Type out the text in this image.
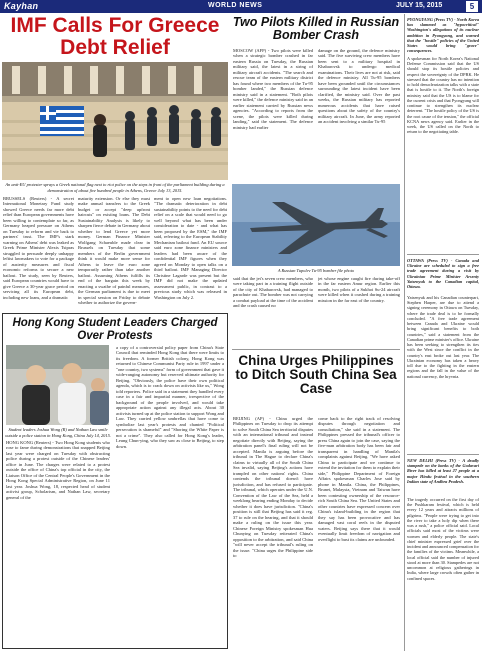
Kayhan	WORLD NEWS	JULY 15, 2015	5
IMF Calls For Greece Debt Relief
An anti-EU protester sprays a Greek national flag next to riot police on the steps in front of the parliament building during a demonstration of about five hundred people in Athens, Greece July 13, 2015.

BRUSSELS (Reuters) - A secret International Monetary Fund study showed Greece needs far more debt relief than European governments have been willing to contemplate so far, as Germany heaped pressure on Athens on Tuesday to reform and vie back to partners' trust. The IMF's stark warning on Athens' debt was leaked as Greek Prime Minister Alexis Tsipras struggled to persuade deeply unhappy leftist lawmakers to vote for a package of austerity measures and fiscal economic reforms to secure a new bailout. The study, seen by Reuters, said European countries would have to give Greece a 30-year grace period on servicing all its European debt, including new loans, and a dramatic

maturity extension. Or else they must make annual transfers to the Greek budget or accept "deep upfront haircuts" on existing loans. The Debt Sustainability Analysis is likely to sharpen fierce debate in Germany about whether to lend Greece yet more money. German Finance Minister Wolfgang Schaeuble made clear in Brussels on Tuesday that some members of the Berlin government think it would make more sense for Athens to leave the euro zone temporarily rather than take another bailout. Assuming Athens fulfills its end of the bargain this week by enacting a swathe of painful measures, the German parliament is due to meet in special session on Friday to debate whether to authorize the govern-

ment to open new loan negotiations. "The dramatic deterioration in debt sustainability points to the need for debt relief on a scale that would need to go well beyond what has been under consideration to date - and what has been proposed by the ESM," the IMF said, referring to the European Stability Mechanism bailout fund. An EU source said euro zone finance ministers and leaders had been aware of the confidential IMF figures when they agreed on Monday to open talks on a third bailout. IMF Managing Director Christine Lagarde was present but the IMF did not make the updated assessment public, in contrast to a previous study which was released in Washington on July 2.

Hong Kong Student Leaders Charged Over Protests
Student leaders Joshua Wong (R) and Nathan Law smile outside a police station in Hong Kong, China July 14, 2015.

HONG KONG (Reuters) - Two Hong Kong students who rose to fame during demonstrations that snapped Beijing last year were charged on Tuesday with obstructing police during a protest outside of the Chinese leaders' office in June. The charges were related to a protest outside the office of China's top official in the city, the Liaison Office of the Central People's Government in the Hong Kong Special Administrative Region, on June 11 last year. Joshua Wong, 18, respected head of student activist group, Scholarism, and Nathan Law, secretary general of the

a copy of a controversial policy paper from China's State Council that reminded Hong Kong that there were limits to its freedom. A former British colony, Hong Kong was returned to Chinese Communist Party rule in 1997 under a "one country, two systems" form of government that gave it wide-ranging autonomy but reserved ultimate authority for Beijing. "Obviously, the police have their own political agenda, which is to crack down on activists like us," Wong told reporters. Police said in a statement they handled every case in a fair and impartial manner, irrespective of the background of the people involved, and would take appropriate action against any illegal acts. About 30 activists turned up at the police station to support Wong and Law. They carried yellow umbrellas that have come to symbolize last year's protests and chanted "Political persecution is shameful" and "Shoring the White Paper is not a crime". They also called for Hong Kong's leader, Leung Chun-ying, who they saw as close to Beijing, to step down.

Two Pilots Killed in Russian Bomber Crash

MOSCOW (AFP) - Two pilots were killed when a strategic bomber crashed in far eastern Russia on Tuesday, the Russian military said, the latest in a string of military aircraft accidents. "The search and rescue team of the eastern military district has found where two members of the Tu-95 bomber landed," the Russian defence ministry said in a statement. "Both pilots were killed," the defence ministry said in an earlier statement carried by Russian news agencies. "According to reports from the scene, the pilots were killed during landing," said the statement. The defence ministry had earlier

damage on the ground, the defence ministry said. The five surviving crew members have been sent to a military hospital in Khabarovsk to undergo medical examinations. Their lives are not at risk, said the defence ministry. All Tu-95 bombers have been grounded until the circumstances surrounding the latest incident have been clarified, the ministry said. Over the past weeks, the Russian military has reported numerous accidents that have raised questions about the safety of the country's military aircraft. In June, the army reported an accident involving a similar Tu-95

A Russian Tupolev Tu-95 bomber file photo

said that the jet's seven crew members, who were taking part in a training flight outside of the city of Khabarovsk, had managed to parachute out. The bomber was not carrying a combat payload at the time of the accident and the crash caused no

jet whose engine caught fire during take-off in the far eastern Amur region. Earlier this month, two pilots of a Sukhoi Su-24 aircraft were killed when it crashed during a training mission in the far east of the country.

China Urges Philippines to Ditch South China Sea Case

BEIJING (AP) - China urged the Philippines on Tuesday to drop its attempt to solve South China Sea territorial disputes with an international tribunal and instead negotiate directly with Beijing, saying the arbitration panel's final ruling will not be accepted. Manila is arguing before the tribunal in The Hague to declare China's claims to virtually all of the South China Sea invalid, saying Beijing's actions have trampled on other nations' rights. China contends the tribunal doesn't have jurisdiction, and has refused to participate. The tribunal, which operates under the U.N. Convention of the Law of the Sea, held a weeklong hearing ending Monday to decide whether it does have jurisdiction. "China's position is still that Beijing has said it reg. 37 to rule on the hearing, and that it should make a ruling on the issue this year. Chinese Foreign Ministry spokesman Hua Chunying on Tuesday reiterated China's opposition to the arbitration, and said China "will never accept the tribunal's ruling on the issue. "China urges the Philippine side to

come back to the right track of resolving disputes through negotiation and consultation," she said in a statement. The Philippines pressed the tribunal's officer to press China again to join the case, saying the five-man arbitration body has been fair and transparent in handling of Manila's complaints against Beijing. "We have asked China to participate and we continue to extend the invitation for them to explain their side," Philippine Department of Foreign Affairs spokesman Charles Jose said by phone in Manila. China, the Philippines, Brunei, Malaysia, Vietnam and Taiwan have been contesting ownership of the resource-rich South China Sea. The United States and other countries have expressed concern over China's island-building in the region that they say has been provocative and has damaged vast coral reefs in the disputed waters. Beijing says there that it would eventually limit freedom of navigation and overflight to bust its claims are unfounded.

PYONGYANG (Press TV) - North Korea has slammed as "hypocritical" Washington's allegations of its nuclear ambition in Pyongyang, and warned that the "hostile" policies of the United States would bring "grave" consequences.
A spokesman for North Korea's National Defense Commission said that the US should stop its hostile policies and respect the sovereignty of the DPRK. He stressed that the country has no intention to hold denuclearization talks with a state that is hostile to it. The North's foreign ministry said that the US is to blame for the current crisis and that Pyongyang will continue to strengthen its nuclear deterrent. "The hostile policy of the US is the root cause of the tension," the official KCNA news agency said. Earlier in the week, the US called on the North to return to the negotiating table.
OTTAWA (Press TV) - Canada and Ukraine are scheduled to sign a free trade agreement during a visit by Ukrainian Prime Minister Arseniy Yatsenyuk to the Canadian capital, Ottawa.
Yatsenyuk and his Canadian counterpart, Stephen Harper, are due to attend a signing ceremony in Ottawa on Tuesday, where the trade deal is to be formally concluded. "A free trade agreement between Canada and Ukraine would bring significant benefits to both countries," said a statement from the Canadian prime minister's office. Ukraine has been seeking to strengthen its ties with the West since the conflict in the country's east broke out last year. The Ukrainian economy has taken a heavy toll due to the fighting in the eastern regions and the fall in the value of the national currency, the hryvnia.
NEW DELHI (Press TV) - A deadly stampede on the banks of the Godavari River has killed at least 27 people at a major Hindu festival in the southern Indian state of Andhra Pradesh.
The tragedy occurred on the first day of the Pushkaram festival, which is held every 12 years and attracts millions of pilgrims. "People were trying to get into the river to take a holy dip when there was a rush," a police official said. Local officials said most of the victims were women and elderly people. The state's chief minister expressed grief over the incident and announced compensation for the families of the victims. Meanwhile, a local official said the number of injured stood at more than 30. Stampedes are not uncommon at religious gatherings in India, where large crowds often gather in confined spaces.
